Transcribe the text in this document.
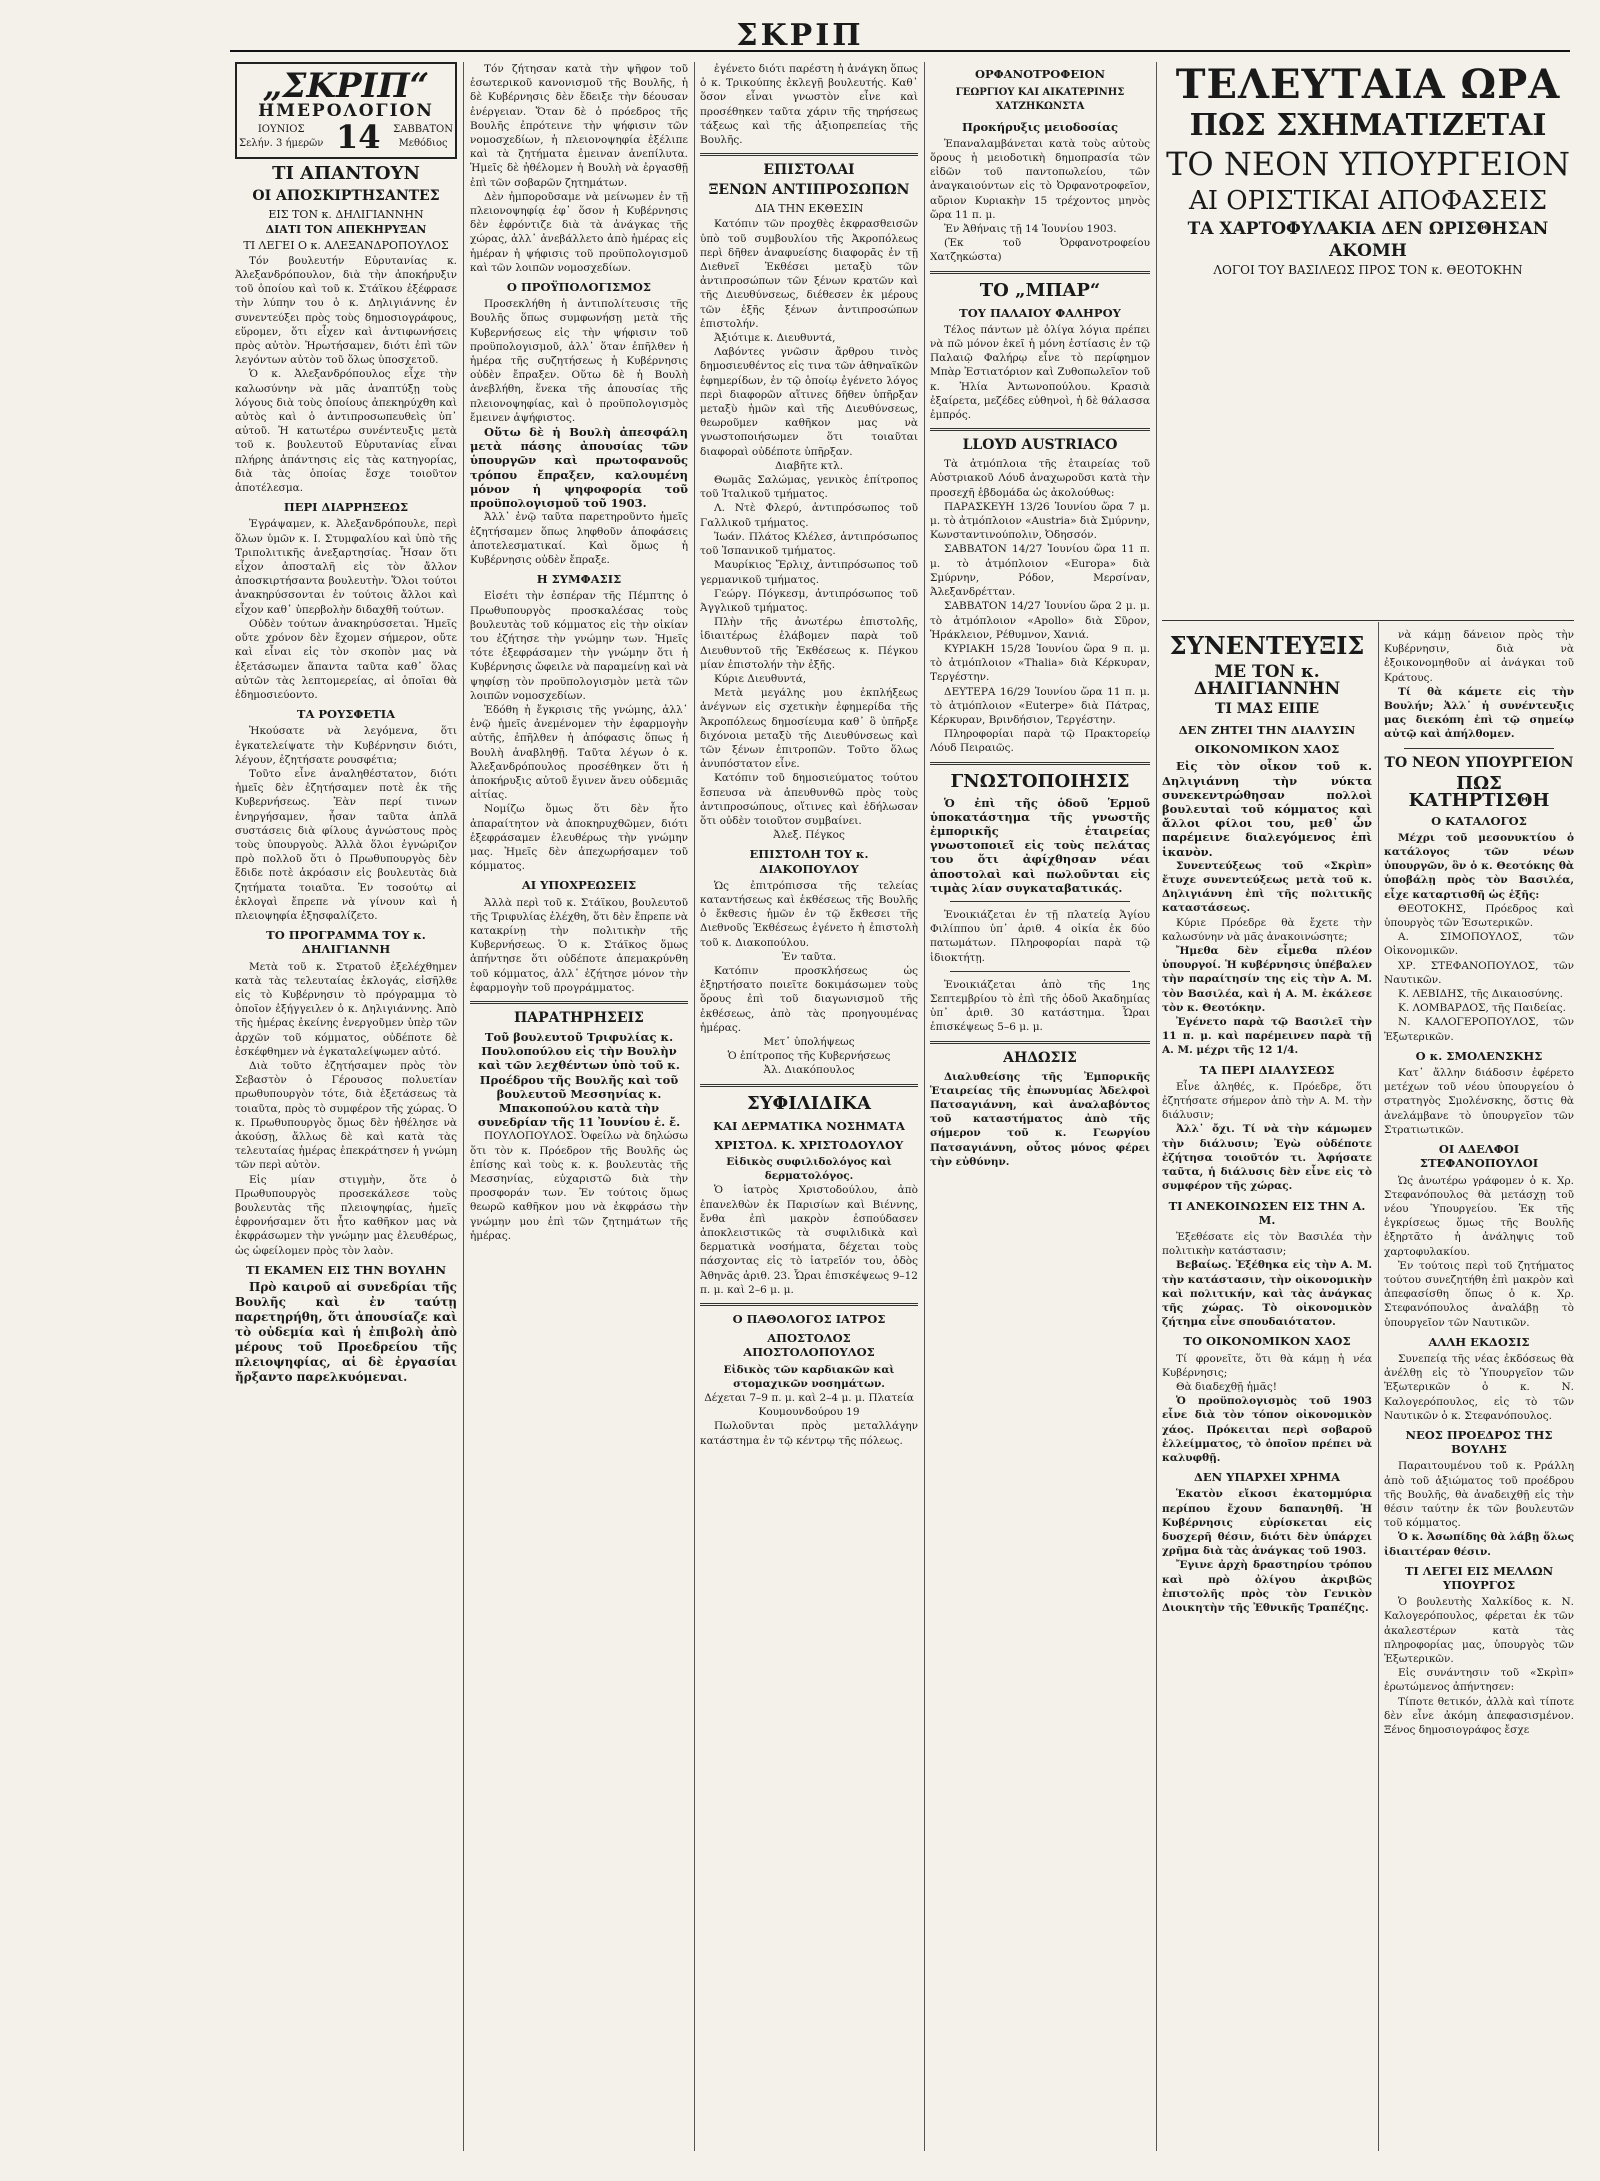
ΣΚΡΙΠ
„ΣΚΡΙΠ“
ΗΜΕΡΟΛΟΓΙΟΝ
ΙΟΥΝΙΟΣ
Σελήν. 3 ήμερῶν 14 ΣΑΒΒΑΤΟΝ
Μεθόδιος
ΤΙ ΑΠΑΝΤΟΥΝ
ΟΙ ΑΠΟΣΚΙΡΤΗΣΑΝΤΕΣ
ΕΙΣ ΤΟΝ κ. ΔΗΛΙΓΙΑΝΝΗΝ
ΔΙΑΤΙ ΤΟΝ ΑΠΕΚΗΡΥΞΑΝ
ΤΙ ΛΕΓΕΙ Ο κ. ΑΛΕΞΑΝΔΡΟΠΟΥΛΟΣ

Τόν βουλευτήν Εὐρυτανίας κ. Ἀλεξανδρόπουλον, διὰ τὴν ἀποκήρυξιν τοῦ ὁποίου καὶ τοῦ κ. Στάϊκου ἐξέφρασε τὴν λύπην του ὁ κ. Δηλιγιάννης ἐν συνεντεύξει πρὸς τοὺς δημοσιογράφους, εὕρομεν, ὅτι εἶχεν καὶ ἀντιφωνήσεις πρὸς αὐτὸν. Ἠρωτήσαμεν, διότι ἐπὶ τῶν λεγόντων αὐτὸν τοῦ ὅλως ὑποσχετοῦ.

Ὁ κ. Ἀλεξανδρόπουλος εἶχε τὴν καλωσύνην νὰ μᾶς ἀναπτύξῃ τοὺς λόγους διὰ τοὺς ὁποίους ἀπεκηρύχθη καὶ αὐτὸς καὶ ὁ ἀντιπροσωπευθεὶς ὑπ᾽ αὐτοῦ. Ἡ κατωτέρω συνέντευξις μετὰ τοῦ κ. βουλευτοῦ Εὐρυτανίας εἶναι πλήρης ἀπάντησις εἰς τὰς κατηγορίας, διὰ τὰς ὁποίας ἔσχε τοιοῦτον ἀποτέλεσμα.

ΠΕΡΙ ΔΙΑΡΡΗΞΕΩΣ

Ἐγράψαμεν, κ. Ἀλεξανδρόπουλε, περὶ ὅλων ὑμῶν κ. Ι. Στυμφαλίου καὶ ὑπὸ τῆς Τριπολιτικῆς ἀνεξαρτησίας. Ἦσαν ὅτι εἶχον ἀποσταλῆ εἰς τὸν ἄλλον ἀποσκιρτήσαντα βουλευτὴν. Ὅλοι τούτοι ἀνακηρύσσονται ἐν τούτοις ἄλλοι καὶ εἶχον καθ᾽ ὑπερβολὴν διδαχθῆ τούτων.

Οὐδὲν τούτων ἀνακηρύσσεται. Ἠμεῖς οὔτε χρόνον δὲν ἔχομεν σήμερον, οὔτε καὶ εἶναι εἰς τὸν σκοπὸν μας νὰ ἐξετάσωμεν ἅπαντα ταῦτα καθ᾽ ὅλας αὐτῶν τὰς λεπτομερείας, αἱ ὁποῖαι θὰ ἐδημοσιεύοντο.

ΤΑ ΡΟΥΣΦΕΤΙΑ

Ἠκούσατε νὰ λεγόμενα, ὅτι ἐγκατελείψατε τὴν Κυβέρνησιν διότι, λέγουν, ἐζητήσατε ρουσφέτια;

Τοῦτο εἶνε ἀναληθέστατον, διότι ἡμεῖς δὲν ἐζητήσαμεν ποτὲ ἐκ τῆς Κυβερνήσεως. Ἐὰν περί τινων ἐνηργήσαμεν, ἦσαν ταῦτα ἁπλᾶ συστάσεις διὰ φίλους ἀγνώστους πρὸς τοὺς ὑπουργοὺς. Ἀλλὰ ὅλοι ἐγνώριζον πρὸ πολλοῦ ὅτι ὁ Πρωθυπουργὸς δὲν ἔδιδε ποτὲ ἀκρόασιν εἰς βουλευτὰς διὰ ζητήματα τοιαῦτα. Ἐν τοσούτῳ αἱ ἐκλογαὶ ἔπρεπε νὰ γίνουν καὶ ἡ πλειοψηφία ἐξησφαλίζετο.

ΤΟ ΠΡΟΓΡΑΜΜΑ ΤΟΥ κ. ΔΗΛΙΓΙΑΝΝΗ

Μετὰ τοῦ κ. Στρατοῦ ἐξελέχθημεν κατὰ τὰς τελευταίας ἐκλογάς, εἰσῆλθε εἰς τὸ Κυβέρνησιν τὸ πρόγραμμα τὸ ὁποῖον ἐξήγγειλεν ὁ κ. Δηλιγιάννης. Ἀπὸ τῆς ἡμέρας ἐκείνης ἐνεργοῦμεν ὑπὲρ τῶν ἀρχῶν τοῦ κόμματος, οὐδέποτε δὲ ἐσκέφθημεν νὰ ἐγκαταλείψωμεν αὐτό.

Διὰ τοῦτο ἐζητήσαμεν πρὸς τὸν Σεβαστὸν ὁ Γέρουσος πολυετίαν πρωθυπουργὸν τότε, διὰ ἐξετάσεως τὰ τοιαῦτα, πρὸς τὸ συμφέρον τῆς χώρας. Ὁ κ. Πρωθυπουργὸς ὅμως δὲν ἠθέλησε νὰ ἀκούσῃ, ἄλλως δὲ καὶ κατὰ τὰς τελευταίας ἡμέρας ἐπεκράτησεν ἡ γνώμη τῶν περὶ αὐτὸν.

Εἰς μίαν στιγμὴν, ὅτε ὁ Πρωθυπουργὸς προσεκάλεσε τοὺς βουλευτὰς τῆς πλειοψηφίας, ἡμεῖς ἐφρονήσαμεν ὅτι ἦτο καθῆκον μας νὰ ἐκφράσωμεν τὴν γνώμην μας ἐλευθέρως, ὡς ὠφείλομεν πρὸς τὸν λαὸν.

ΤΙ ΕΚΑΜΕΝ ΕΙΣ ΤΗΝ ΒΟΥΛΗΝ

Πρὸ καιροῦ αἱ συνεδρίαι τῆς Βουλῆς καὶ ἐν ταύτῃ παρετηρήθη, ὅτι ἀπουσίαζε καὶ τὸ οὐδεμία καὶ ἡ ἐπιβολὴ ἀπὸ μέρους τοῦ Προεδρείου τῆς πλειοψηφίας, αἱ δὲ ἐργασίαι ἤρξαντο παρελκυόμεναι.

Τόν ζήτησαν κατὰ τὴν ψῆφον τοῦ ἐσωτερικοῦ κανονισμοῦ τῆς Βουλῆς, ἡ δὲ Κυβέρνησις δὲν ἔδειξε τὴν δέουσαν ἐνέργειαν. Ὅταν δὲ ὁ πρόεδρος τῆς Βουλῆς ἐπρότεινε τὴν ψήφισιν τῶν νομοσχεδίων, ἡ πλειονοψηφία ἐξέλιπε καὶ τὰ ζητήματα ἐμειναν ἀνεπίλυτα. Ἡμεῖς δὲ ἠθέλομεν ἡ Βουλὴ νὰ ἐργασθῇ ἐπὶ τῶν σοβαρῶν ζητημάτων.

Δὲν ἠμποροῦσαμε νὰ μείνωμεν ἐν τῇ πλειονοψηφίᾳ ἐφ᾽ ὅσον ἡ Κυβέρνησις δὲν ἐφρόντιζε διὰ τὰ ἀνάγκας τῆς χώρας, ἀλλ᾽ ἀνεβάλλετο ἀπὸ ἡμέρας εἰς ἡμέραν ἡ ψήφισις τοῦ προϋπολογισμοῦ καὶ τῶν λοιπῶν νομοσχεδίων.

Ο ΠΡΟΫΠΟΛΟΓΙΣΜΟΣ

Προσεκλήθη ἡ ἀντιπολίτευσις τῆς Βουλῆς ὅπως συμφωνήσῃ μετὰ τῆς Κυβερνήσεως εἰς τὴν ψήφισιν τοῦ προϋπολογισμοῦ, ἀλλ᾽ ὅταν ἐπῆλθεν ἡ ἡμέρα τῆς συζητήσεως ἡ Κυβέρνησις οὐδὲν ἔπραξεν. Οὕτω δὲ ἡ Βουλὴ ἀνεβλήθη, ἕνεκα τῆς ἀπουσίας τῆς πλειονοψηφίας, καὶ ὁ προϋπολογισμὸς ἔμεινεν ἀψήφιστος.

Οὕτω δὲ ἡ Βουλὴ ἀπεσφάλη μετὰ πάσης ἀπουσίας τῶν ὑπουργῶν καὶ πρωτοφανοῦς τρόπου ἔπραξεν, καλουμένη μόνον ἡ ψηφοφορία τοῦ προϋπολογισμοῦ τοῦ 1903.

Ἀλλ᾽ ἐνῷ ταῦτα παρετηροῦντο ἡμεῖς ἐζητήσαμεν ὅπως ληφθοῦν ἀποφάσεις ἀποτελεσματικαί. Καὶ ὅμως ἡ Κυβέρνησις οὐδὲν ἔπραξε.

Η ΣΥΜΦΑΣΙΣ

Εἰσέτι τὴν ἐσπέραν τῆς Πέμπτης ὁ Πρωθυπουργὸς προσκαλέσας τοὺς βουλευτὰς τοῦ κόμματος εἰς τὴν οἰκίαν του ἐζήτησε τὴν γνώμην των. Ἡμεῖς τότε ἐξεφράσαμεν τὴν γνώμην ὅτι ἡ Κυβέρνησις ὤφειλε νὰ παραμείνῃ καὶ νὰ ψηφίσῃ τὸν προϋπολογισμὸν μετὰ τῶν λοιπῶν νομοσχεδίων.

Ἐδόθη ἡ ἔγκρισις τῆς γνώμης, ἀλλ᾽ ἐνῷ ἡμεῖς ἀνεμένομεν τὴν ἐφαρμογὴν αὐτῆς, ἐπῆλθεν ἡ ἀπόφασις ὅπως ἡ Βουλὴ ἀναβληθῇ. Ταῦτα λέγων ὁ κ. Ἀλεξανδρόπουλος προσέθηκεν ὅτι ἡ ἀποκήρυξις αὐτοῦ ἔγινεν ἄνευ οὐδεμιᾶς αἰτίας.

Νομίζω ὅμως ὅτι δὲν ἦτο ἀπαραίτητον νὰ ἀποκηρυχθῶμεν, διότι ἐξεφράσαμεν ἐλευθέρως τὴν γνώμην μας. Ἡμεῖς δὲν ἀπεχωρήσαμεν τοῦ κόμματος.

ΑΙ ΥΠΟΧΡΕΩΣΕΙΣ

Ἀλλὰ περὶ τοῦ κ. Στάϊκου, βουλευτοῦ τῆς Τριφυλίας ἐλέχθη, ὅτι δὲν ἔπρεπε νὰ κατακρίνῃ τὴν πολιτικὴν τῆς Κυβερνήσεως. Ὁ κ. Στάϊκος ὅμως ἀπήντησε ὅτι οὐδέποτε ἀπεμακρύνθη τοῦ κόμματος, ἀλλ᾽ ἐζήτησε μόνον τὴν ἐφαρμογὴν τοῦ προγράμματος.

ΠΑΡΑΤΗΡΗΣΕΙΣ

Τοῦ βουλευτοῦ Τριφυλίας κ. Πουλοπούλου εἰς τὴν Βουλὴν καὶ τῶν λεχθέντων ὑπὸ τοῦ κ. Προέδρου τῆς Βουλῆς καὶ τοῦ βουλευτοῦ Μεσσηνίας κ. Μπακοπούλου κατὰ τὴν συνεδρίαν τῆς 11 Ἰουνίου ἐ. ἔ.

ΠΟΥΛΟΠΟΥΛΟΣ. Ὀφείλω νὰ δηλώσω ὅτι τὸν κ. Πρόεδρον τῆς Βουλῆς ὡς ἐπίσης καὶ τοὺς κ. κ. βουλευτὰς τῆς Μεσσηνίας, εὐχαριστῶ διὰ τὴν προσφοράν των. Ἐν τούτοις ὅμως θεωρῶ καθῆκον μου νὰ ἐκφράσω τὴν γνώμην μου ἐπὶ τῶν ζητημάτων τῆς ἡμέρας.

ἐγένετο διότι παρέστη ἡ ἀνάγκη ὅπως ὁ κ. Τρικούπης ἐκλεγῇ βουλευτής. Καθ᾽ ὅσον εἶναι γνωστὸν εἶνε καὶ προσέθηκεν ταῦτα χάριν τῆς τηρήσεως τάξεως καὶ τῆς ἀξιοπρεπείας τῆς Βουλῆς.

ΕΠΙΣΤΟΛΑΙ
ΞΕΝΩΝ ΑΝΤΙΠΡΟΣΩΠΩΝ
ΔΙΑ ΤΗΝ ΕΚΘΕΣΙΝ

Κατόπιν τῶν προχθὲς ἐκφρασθεισῶν ὑπὸ τοῦ συμβουλίου τῆς Ἀκροπόλεως περὶ δῆθεν ἀναφυείσης διαφορᾶς ἐν τῇ Διεθνεῖ Ἐκθέσει μεταξὺ τῶν ἀντιπροσώπων τῶν ξένων κρατῶν καὶ τῆς Διευθύνσεως, διέθεσεν ἐκ μέρους τῶν ἐξῆς ξένων ἀντιπροσώπων ἐπιστολήν.

Ἀξιότιμε κ. Διευθυντά,

Λαβόντες γνῶσιν ἄρθρου τινὸς δημοσιευθέντος εἰς τινα τῶν ἀθηναϊκῶν ἐφημερίδων, ἐν τῷ ὁποίῳ ἐγένετο λόγος περὶ διαφορῶν αἵτινες δῆθεν ὑπῆρξαν μεταξὺ ἡμῶν καὶ τῆς Διευθύνσεως, θεωροῦμεν καθῆκον μας νὰ γνωστοποιήσωμεν ὅτι τοιαῦται διαφοραὶ οὐδέποτε ὑπῆρξαν.

Διαβῆτε κτλ.

Θωμᾶς Σαλώμας, γενικὸς ἐπίτροπος τοῦ Ἰταλικοῦ τμήματος.

Λ. Ντὲ Φλερύ, ἀντιπρόσωπος τοῦ Γαλλικοῦ τμήματος.

Ἰωάν. Πλάτος Κλέλεσ, ἀντιπρόσωπος τοῦ Ἱσπανικοῦ τμήματος.

Μαυρίκιος Ἔρλιχ, ἀντιπρόσωπος τοῦ γερμανικοῦ τμήματος.

Γεώργ. Πόγκεσμ, ἀντιπρόσωπος τοῦ Ἀγγλικοῦ τμήματος.

Πλὴν τῆς ἀνωτέρω ἐπιστολῆς, ἰδιαιτέρως ἐλάβομεν παρὰ τοῦ Διευθυντοῦ τῆς Ἐκθέσεως κ. Πέγκου μίαν ἐπιστολήν τὴν ἐξῆς.

Κύριε Διευθυντά,

Μετὰ μεγάλης μου ἐκπλήξεως ἀνέγνων εἰς σχετικὴν ἐφημερίδα τῆς Ἀκροπόλεως δημοσίευμα καθ᾽ ὃ ὑπῆρξε διχόνοια μεταξὺ τῆς Διευθύνσεως καὶ τῶν ξένων ἐπιτροπῶν. Τοῦτο ὅλως ἀνυπόστατον εἶνε.

Κατόπιν τοῦ δημοσιεύματος τούτου ἔσπευσα νὰ ἀπευθυνθῶ πρὸς τοὺς ἀντιπροσώπους, οἵτινες καὶ ἐδήλωσαν ὅτι οὐδὲν τοιοῦτον συμβαίνει.

Ἀλεξ. Πέγκος

ΕΠΙΣΤΟΛΗ ΤΟΥ κ. ΔΙΑΚΟΠΟΥΛΟΥ

Ὡς ἐπιτρόπισσα τῆς τελείας καταντήσεως καὶ ἐκθέσεως τῆς Βουλῆς ὁ ἔκθεσις ἡμῶν ἐν τῷ ἔκθεσει τῆς Διεθνοῦς Ἐκθέσεως ἐγένετο ἡ ἐπιστολὴ τοῦ κ. Διακοπούλου.

Ἐν ταῦτα.

Κατόπιν προσκλήσεως ὡς ἐξηρτήσατο ποιεῖτε δοκιμάσωμεν τοὺς ὅρους ἐπὶ τοῦ διαγωνισμοῦ τῆς ἐκθέσεως, ἀπὸ τὰς προηγουμένας ἡμέρας.

Μετ᾽ ὑπολήψεως

Ὁ ἐπίτροπος τῆς Κυβερνήσεως

Ἀλ. Διακόπουλος

ΣΥΦΙΛΙΔΙΚΑ
ΚΑΙ ΔΕΡΜΑΤΙΚΑ ΝΟΣΗΜΑΤΑ
ΧΡΙΣΤΟΔ. Κ. ΧΡΙΣΤΟΔΟΥΛΟΥ

Εἰδικὸς συφιλιδολόγος καὶ δερματολόγος.

Ὁ ἰατρὸς Χριστοδούλου, ἀπὸ ἐπανελθὼν ἐκ Παρισίων καὶ Βιέννης, ἔνθα ἐπὶ μακρὸν ἐσπούδασεν ἀποκλειστικῶς τὰ συφιλιδικὰ καὶ δερματικὰ νοσήματα, δέχεται τοὺς πάσχοντας εἰς τὸ ἰατρεῖόν του, ὁδὸς Ἀθηνᾶς ἀριθ. 23. Ὧραι ἐπισκέψεως 9–12 π. μ. καὶ 2–6 μ. μ.

Ο ΠΑΘΟΛΟΓΟΣ ΙΑΤΡΟΣ
ΑΠΟΣΤΟΛΟΣ ΑΠΟΣΤΟΛΟΠΟΥΛΟΣ

Εἰδικὸς τῶν καρδιακῶν καὶ στομαχικῶν νοσημάτων.

Δέχεται 7–9 π. μ. καὶ 2–4 μ. μ. Πλατεία Κουμουνδούρου 19

Πωλοῦνται πρὸς μεταλλάγην κατάστημα ἐν τῷ κέντρῳ τῆς πόλεως.

ΟΡΦΑΝΟΤΡΟΦΕΙΟΝ
ΓΕΩΡΓΙΟΥ ΚΑΙ ΑΙΚΑΤΕΡΙΝΗΣ ΧΑΤΖΗΚΩΝΣΤΑ
Προκήρυξις μειοδοσίας

Ἐπαναλαμβάνεται κατὰ τοὺς αὐτοὺς ὅρους ἡ μειοδοτικὴ δημοπρασία τῶν εἰδῶν τοῦ παντοπωλείου, τῶν ἀναγκαιούντων εἰς τὸ Ὀρφανοτροφεῖον, αὔριον Κυριακὴν 15 τρέχοντος μηνὸς ὥρα 11 π. μ.

Ἐν Ἀθήναις τῇ 14 Ἰουνίου 1903.

(Ἐκ τοῦ Ὀρφανοτροφείου Χατζηκώστα)

ΤΟ „ΜΠΑΡ“
ΤΟΥ ΠΑΛΑΙΟΥ ΦΑΛΗΡΟΥ

Τέλος πάντων μὲ ὀλίγα λόγια πρέπει νὰ πῶ μόνον ἐκεῖ ἡ μόνη ἐστίασις ἐν τῷ Παλαιῷ Φαλήρῳ εἶνε τὸ περίφημον Μπὰρ Ἐστιατόριον καὶ Ζυθοπωλεῖον τοῦ κ. Ἠλία Ἀντωνοπούλου. Κρασιὰ ἐξαίρετα, μεζέδες εὐθηνοὶ, ἡ δὲ θάλασσα ἐμπρός.

LLOYD AUSTRIACO

Τὰ ἀτμόπλοια τῆς ἑταιρείας τοῦ Αὐστριακοῦ Λόυδ ἀναχωροῦσι κατὰ τὴν προσεχῆ ἑβδομάδα ὡς ἀκολούθως:

ΠΑΡΑΣΚΕΥΗ 13/26 Ἰουνίου ὥρα 7 μ. μ. τὸ ἀτμόπλοιον «Austria» διὰ Σμύρνην, Κωνσταντινούπολιν, Ὀδησσόν.

ΣΑΒΒΑΤΟΝ 14/27 Ἰουνίου ὥρα 11 π. μ. τὸ ἀτμόπλοιον «Europa» διὰ Σμύρνην, Ρόδον, Μερσίναν, Ἀλεξανδρέτταν.

ΣΑΒΒΑΤΟΝ 14/27 Ἰουνίου ὥρα 2 μ. μ. τὸ ἀτμόπλοιον «Apollo» διὰ Σῦρον, Ἡράκλειον, Ρέθυμνον, Χανιά.

ΚΥΡΙΑΚΗ 15/28 Ἰουνίου ὥρα 9 π. μ. τὸ ἀτμόπλοιον «Thalia» διὰ Κέρκυραν, Τεργέστην.

ΔΕΥΤΕΡΑ 16/29 Ἰουνίου ὥρα 11 π. μ. τὸ ἀτμόπλοιον «Euterpe» διὰ Πάτρας, Κέρκυραν, Βρινδήσιον, Τεργέστην.

Πληροφορίαι παρὰ τῷ Πρακτορείῳ Λόυδ Πειραιῶς.

ΓΝΩΣΤΟΠΟΙΗΣΙΣ

Ὁ ἐπὶ τῆς ὁδοῦ Ἑρμοῦ ὑποκατάστημα τῆς γνωστῆς ἐμπορικῆς ἑταιρείας γνωστοποιεῖ εἰς τοὺς πελάτας του ὅτι ἀφίχθησαν νέαι ἀποστολαὶ καὶ πωλοῦνται εἰς τιμὰς λίαν συγκαταβατικάς.

Ἐνοικιάζεται ἐν τῇ πλατείᾳ Ἁγίου Φιλίππου ὑπ᾽ ἀριθ. 4 οἰκία ἐκ δύο πατωμάτων. Πληροφορίαι παρὰ τῷ ἰδιοκτήτῃ.

Ἐνοικιάζεται ἀπὸ τῆς 1ης Σεπτεμβρίου τὸ ἐπὶ τῆς ὁδοῦ Ἀκαδημίας ὑπ᾽ ἀριθ. 30 κατάστημα. Ὧραι ἐπισκέψεως 5–6 μ. μ.

ΑΗΔΩΣΙΣ

Διαλυθείσης τῆς Ἐμπορικῆς Ἑταιρείας τῆς ἐπωνυμίας Ἀδελφοὶ Πατσαγιάννη, καὶ ἀναλαβόντος τοῦ καταστήματος ἀπὸ τῆς σήμερον τοῦ κ. Γεωργίου Πατσαγιάννη, οὗτος μόνος φέρει τὴν εὐθύνην.

ΤΕΛΕΥΤΑΙΑ ΩΡΑ
ΠΩΣ ΣΧΗΜΑΤΙΖΕΤΑΙ
ΤΟ ΝΕΟΝ ΥΠΟΥΡΓΕΙΟΝ
ΑΙ ΟΡΙΣΤΙΚΑΙ ΑΠΟΦΑΣΕΙΣ
ΤΑ ΧΑΡΤΟΦΥΛΑΚΙΑ ΔΕΝ ΩΡΙΣΘΗΣΑΝ ΑΚΟΜΗ
ΛΟΓΟΙ ΤΟΥ ΒΑΣΙΛΕΩΣ ΠΡΟΣ ΤΟΝ κ. ΘΕΟΤΟΚΗΝ
ΣΥΝΕΝΤΕΥΞΙΣ
ΜΕ ΤΟΝ κ. ΔΗΛΙΓΙΑΝΝΗΝ
ΤΙ ΜΑΣ ΕΙΠΕ
ΔΕΝ ΖΗΤΕΙ ΤΗΝ ΔΙΑΛΥΣΙΝ
ΟΙΚΟΝΟΜΙΚΟΝ ΧΑΟΣ

Εἰς τὸν οἶκον τοῦ κ. Δηλιγιάννη τὴν νύκτα συνεκεντρώθησαν πολλοὶ βουλευταὶ τοῦ κόμματος καὶ ἄλλοι φίλοι του, μεθ᾽ ὧν παρέμεινε διαλεγόμενος ἐπὶ ἱκανὸν.

Συνεντεύξεως τοῦ «Σκρὶπ» ἔτυχε συνεντεύξεως μετὰ τοῦ κ. Δηλιγιάννη ἐπὶ τῆς πολιτικῆς καταστάσεως.

Κύριε Πρόεδρε θὰ ἔχετε τὴν καλωσύνην νὰ μᾶς ἀνακοινώσητε;

Ἤμεθα δὲν εἶμεθα πλέον ὑπουργοί. Ἡ κυβέρνησις ὑπέβαλεν τὴν παραίτησίν της εἰς τὴν Α. Μ. τὸν Βασιλέα, καὶ ἡ Α. Μ. ἐκάλεσε τὸν κ. Θεοτόκην.

Ἐγένετο παρὰ τῷ Βασιλεῖ τὴν 11 π. μ. καὶ παρέμεινεν παρὰ τῇ Α. Μ. μέχρι τῆς 12 1/4.

ΤΑ ΠΕΡΙ ΔΙΑΛΥΣΕΩΣ

Εἶνε ἀληθές, κ. Πρόεδρε, ὅτι ἐζητήσατε σήμερον ἀπὸ τὴν Α. Μ. τὴν διάλυσιν;

Ἀλλ᾽ ὄχι. Τί νὰ τὴν κάμωμεν τὴν διάλυσιν; Ἐγὼ οὐδέποτε ἐζήτησα τοιοῦτόν τι. Ἀφήσατε ταῦτα, ἡ διάλυσις δὲν εἶνε εἰς τὸ συμφέρον τῆς χώρας.

ΤΙ ΑΝΕΚΟΙΝΩΣΕΝ ΕΙΣ ΤΗΝ Α. Μ.

Ἐξεθέσατε εἰς τὸν Βασιλέα τὴν πολιτικὴν κατάστασιν;

Βεβαίως. Ἐξέθηκα εἰς τὴν Α. Μ. τὴν κατάστασιν, τὴν οἰκονομικὴν καὶ πολιτικήν, καὶ τὰς ἀνάγκας τῆς χώρας. Τὸ οἰκονομικὸν ζήτημα εἶνε σπουδαιότατον.

ΤΟ ΟΙΚΟΝΟΜΙΚΟΝ ΧΑΟΣ

Τί φρονεῖτε, ὅτι θὰ κάμῃ ἡ νέα Κυβέρνησις;

Θὰ διαδεχθῇ ἡμᾶς!

Ὁ προϋπολογισμὸς τοῦ 1903 εἶνε διὰ τὸν τόπον οἰκονομικὸν χάος. Πρόκειται περὶ σοβαροῦ ἐλλείμματος, τὸ ὁποῖον πρέπει νὰ καλυφθῇ.

ΔΕΝ ΥΠΑΡΧΕΙ ΧΡΗΜΑ

Ἑκατὸν εἴκοσι ἑκατομμύρια περίπου ἔχουν δαπανηθῆ. Ἡ Κυβέρνησις εὑρίσκεται εἰς δυσχερῆ θέσιν, διότι δὲν ὑπάρχει χρῆμα διὰ τὰς ἀνάγκας τοῦ 1903.

Ἔγινε ἀρχὴ δραστηρίου τρόπου καὶ πρὸ ὀλίγου ἀκριβῶς ἐπιστολῆς πρὸς τὸν Γενικὸν Διοικητὴν τῆς Ἐθνικῆς Τραπέζης.

νὰ κάμῃ δάνειον πρὸς τὴν Κυβέρνησιν, διὰ νὰ ἐξοικονομηθοῦν αἱ ἀνάγκαι τοῦ Κράτους.

Τί θὰ κάμετε εἰς τὴν Βουλήν; Ἀλλ᾽ ἡ συνέντευξις μας διεκόπη ἐπὶ τῷ σημείῳ αὐτῷ καὶ ἀπήλθομεν.

ΤΟ ΝΕΟΝ ΥΠΟΥΡΓΕΙΟΝ
ΠΩΣ ΚΑΤΗΡΤΙΣΘΗ
Ο ΚΑΤΑΛΟΓΟΣ

Μέχρι τοῦ μεσονυκτίου ὁ κατάλογος τῶν νέων ὑπουργῶν, ὃν ὁ κ. Θεοτόκης θὰ ὑποβάλῃ πρὸς τὸν Βασιλέα, εἶχε καταρτισθῆ ὡς ἑξῆς:

ΘΕΟΤΟΚΗΣ, Πρόεδρος καὶ ὑπουργὸς τῶν Ἐσωτερικῶν.

Α. ΣΙΜΟΠΟΥΛΟΣ, τῶν Οἰκονομικῶν.

ΧΡ. ΣΤΕΦΑΝΟΠΟΥΛΟΣ, τῶν Ναυτικῶν.

Κ. ΛΕΒΙΔΗΣ, τῆς Δικαιοσύνης.

Κ. ΛΟΜΒΑΡΔΟΣ, τῆς Παιδείας.

Ν. ΚΑΛΟΓΕΡΟΠΟΥΛΟΣ, τῶν Ἐξωτερικῶν.

Ο κ. ΣΜΟΛΕΝΣΚΗΣ

Κατ᾽ ἄλλην διάδοσιν ἐφέρετο μετέχων τοῦ νέου ὑπουργείου ὁ στρατηγὸς Σμολένσκης, ὅστις θὰ ἀνελάμβανε τὸ ὑπουργεῖον τῶν Στρατιωτικῶν.

ΟΙ ΑΔΕΛΦΟΙ ΣΤΕΦΑΝΟΠΟΥΛΟΙ

Ὡς ἀνωτέρω γράφομεν ὁ κ. Χρ. Στεφανόπουλος θὰ μετάσχῃ τοῦ νέου Ὑπουργείου. Ἐκ τῆς ἐγκρίσεως ὅμως τῆς Βουλῆς ἐξηρτᾶτο ἡ ἀνάληψις τοῦ χαρτοφυλακίου.

Ἐν τούτοις περὶ τοῦ ζητήματος τούτου συνεζητήθη ἐπὶ μακρὸν καὶ ἀπεφασίσθη ὅπως ὁ κ. Χρ. Στεφανόπουλος ἀναλάβῃ τὸ ὑπουργεῖον τῶν Ναυτικῶν.

ΑΛΛΗ ΕΚΔΟΣΙΣ

Συνεπείᾳ τῆς νέας ἐκδόσεως θὰ ἀνέλθῃ εἰς τὸ Ὑπουργεῖον τῶν Ἐξωτερικῶν ὁ κ. Ν. Καλογερόπουλος, εἰς τὸ τῶν Ναυτικῶν ὁ κ. Στεφανόπουλος.

ΝΕΟΣ ΠΡΟΕΔΡΟΣ ΤΗΣ ΒΟΥΛΗΣ

Παραιτουμένου τοῦ κ. Ρράλλη ἀπὸ τοῦ ἀξιώματος τοῦ προέδρου τῆς Βουλῆς, θὰ ἀναδειχθῇ εἰς τὴν θέσιν ταύτην ἐκ τῶν βουλευτῶν τοῦ κόμματος.

Ὁ κ. Ἀσωπίδης θὰ λάβῃ ὅλως ἰδιαιτέραν θέσιν.

ΤΙ ΛΕΓΕΙ ΕΙΣ ΜΕΛΛΩΝ ΥΠΟΥΡΓΟΣ

Ὁ βουλευτὴς Χαλκίδος κ. Ν. Καλογερόπουλος, φέρεται ἐκ τῶν ἀκαλεστέρων κατὰ τὰς πληροφορίας μας, ὑπουργὸς τῶν Ἐξωτερικῶν.

Εἰς συνάντησιν τοῦ «Σκρὶπ» ἐρωτώμενος ἀπήντησεν:

Τίποτε θετικόν, ἀλλὰ καὶ τίποτε δὲν εἶνε ἀκόμη ἀπεφασισμένον. Ξένος δημοσιογράφος ἔσχε
